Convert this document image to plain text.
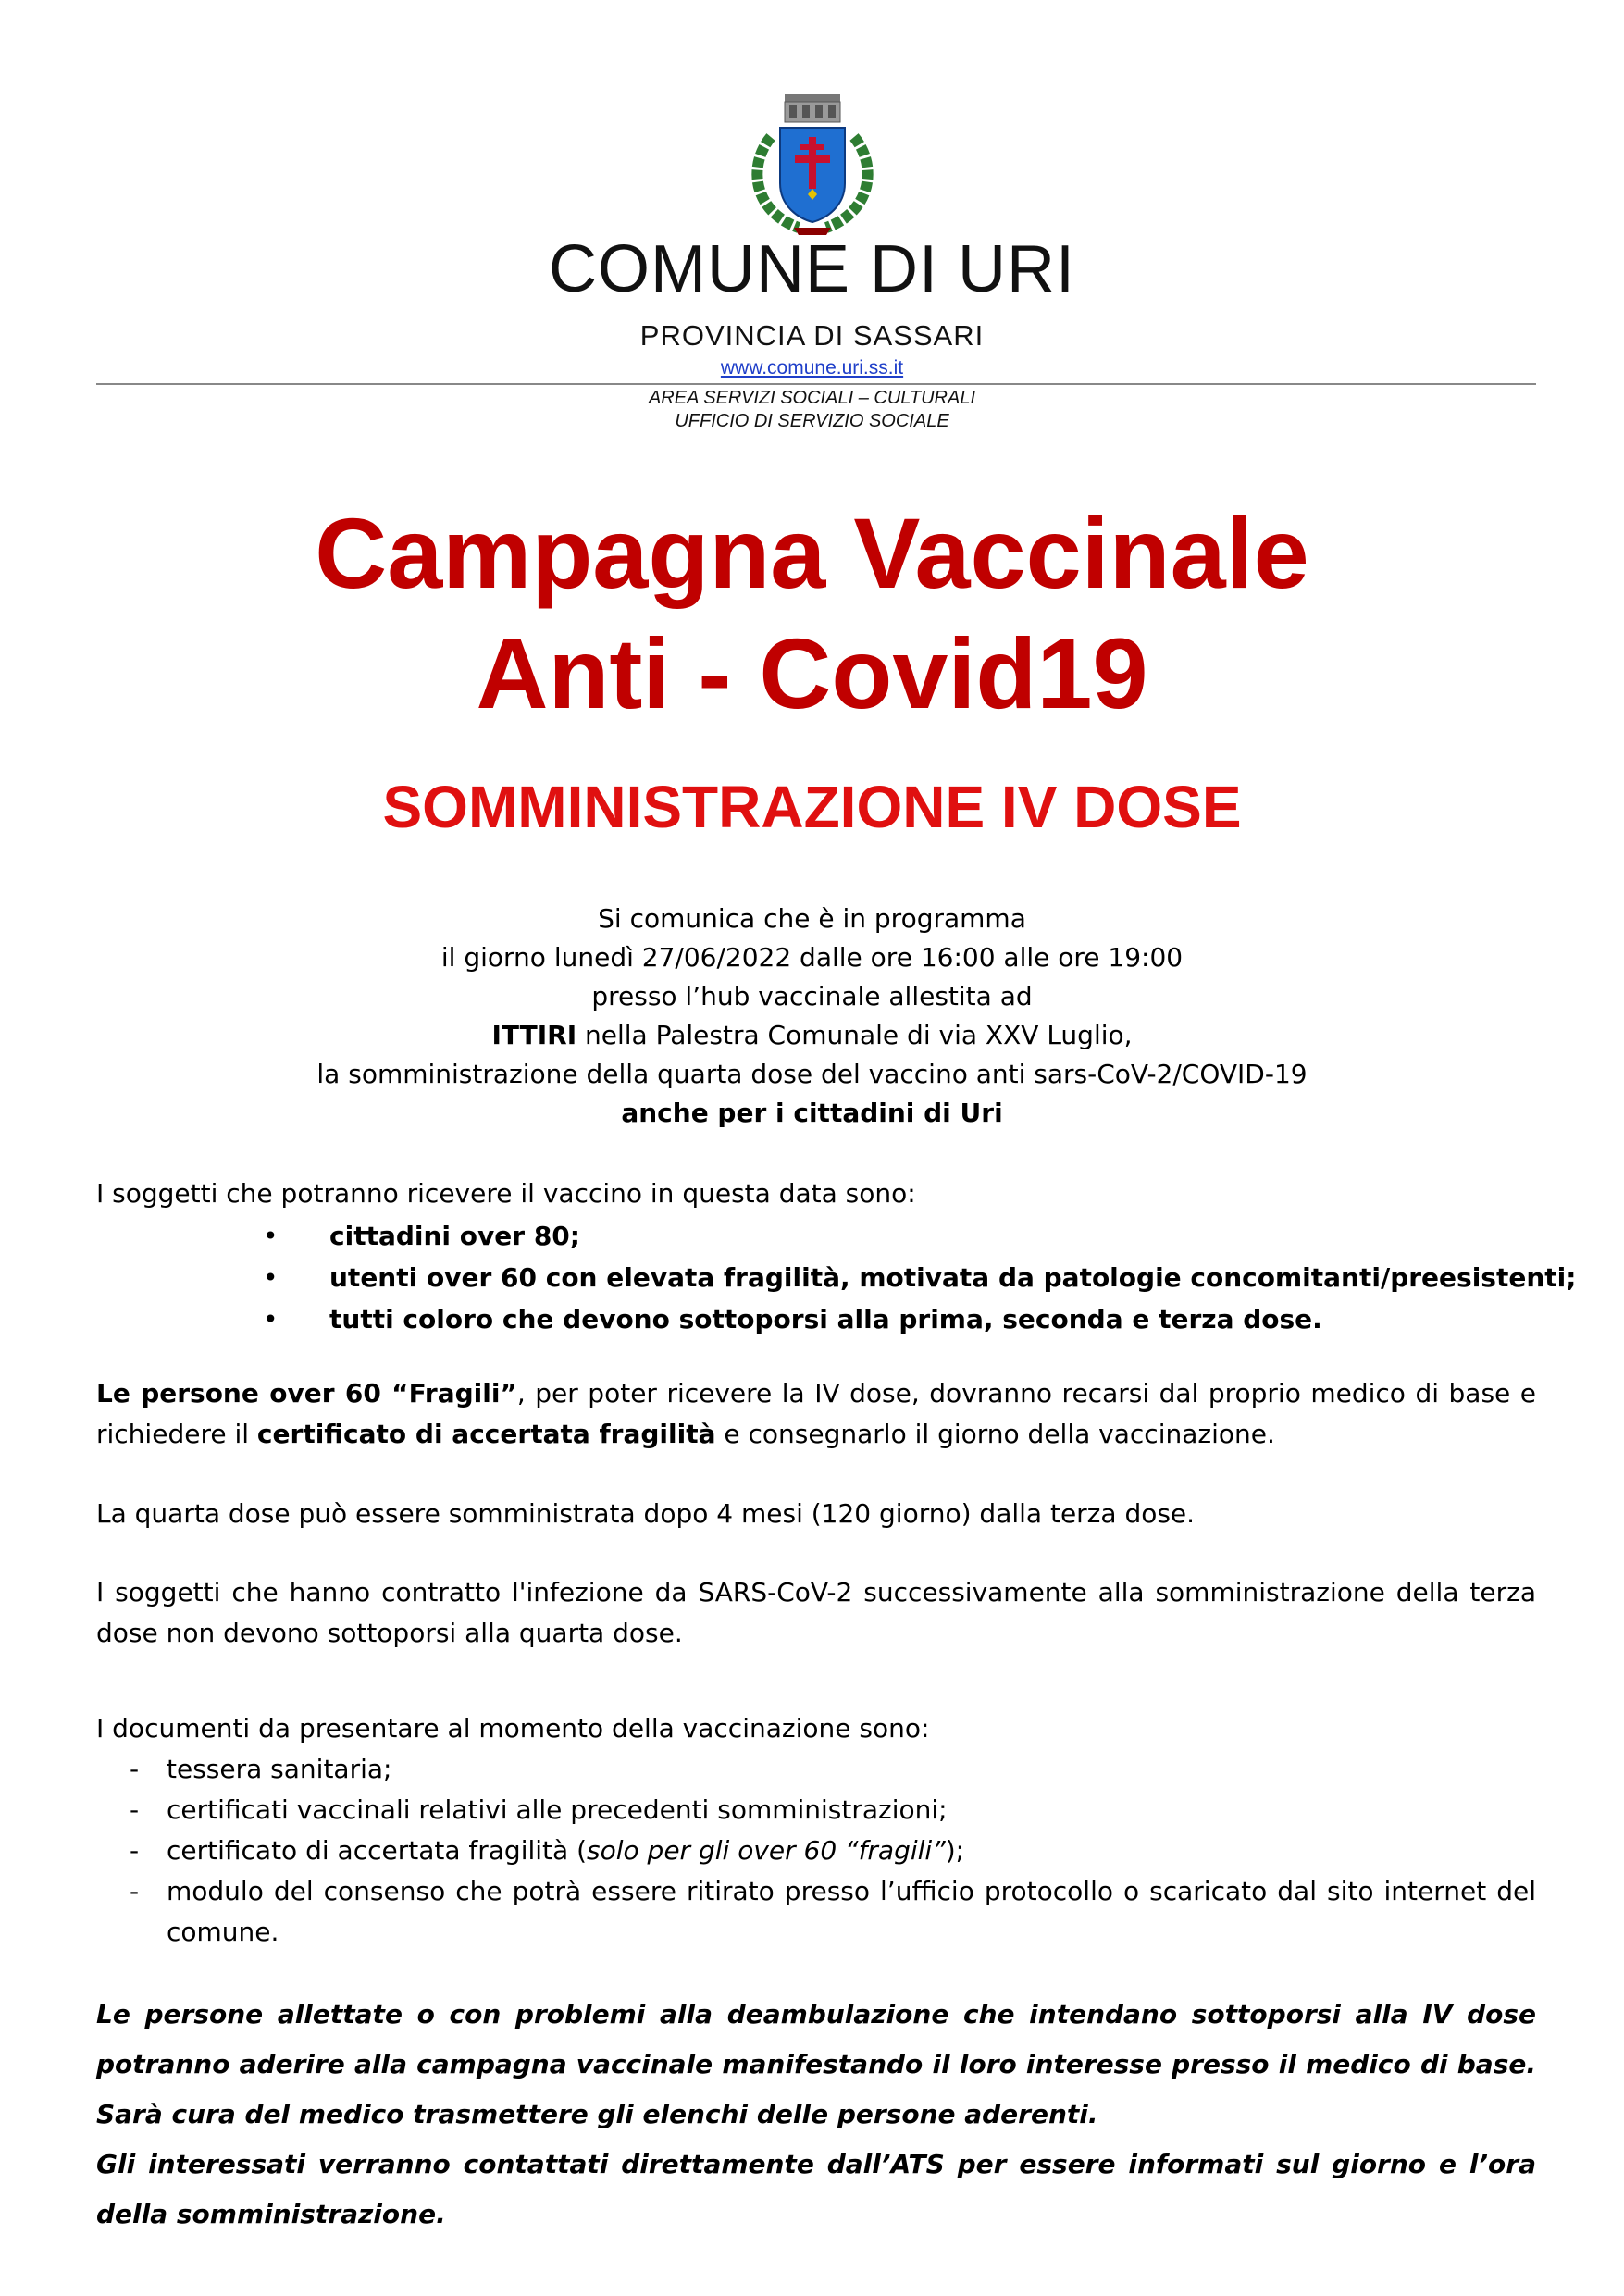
COMUNE DI URI
PROVINCIA DI SASSARI
www.comune.uri.ss.it
AREA SERVIZI SOCIALI – CULTURALI
UFFICIO DI SERVIZIO SOCIALE
Campagna Vaccinale
Anti - Covid19
SOMMINISTRAZIONE IV DOSE
Si comunica che è in programma
il giorno lunedì 27/06/2022 dalle ore 16:00 alle ore 19:00
presso l’hub vaccinale allestita ad
ITTIRI nella Palestra Comunale di via XXV Luglio,
la somministrazione della quarta dose del vaccino anti sars-CoV-2/COVID-19
anche per i cittadini di Uri
I soggetti che potranno ricevere il vaccino in questa data sono:
• cittadini over 80;
• utenti over 60 con elevata fragilità, motivata da patologie concomitanti/preesistenti;
• tutti coloro che devono sottoporsi alla prima, seconda e terza dose.
Le persone over 60 “Fragili”, per poter ricevere la IV dose, dovranno recarsi dal proprio medico di base e richiedere il certificato di accertata fragilità e consegnarlo il giorno della vaccinazione.
La quarta dose può essere somministrata dopo 4 mesi (120 giorno) dalla terza dose.
I soggetti che hanno contratto l'infezione da SARS-CoV-2 successivamente alla somministrazione della terza dose non devono sottoporsi alla quarta dose.
I documenti da presentare al momento della vaccinazione sono:
- tessera sanitaria;
- certificati vaccinali relativi alle precedenti somministrazioni;
- certificato di accertata fragilità (solo per gli over 60 “fragili”);
- modulo del consenso che potrà essere ritirato presso l’ufficio protocollo o scaricato dal sito internet del comune.

Le persone allettate o con problemi alla deambulazione che intendano sottoporsi alla IV dose potranno aderire alla campagna vaccinale manifestando il loro interesse presso il medico di base. Sarà cura del medico trasmettere gli elenchi delle persone aderenti.

Gli interessati verranno contattati direttamente dall’ATS per essere informati sul giorno e l’ora della somministrazione.
